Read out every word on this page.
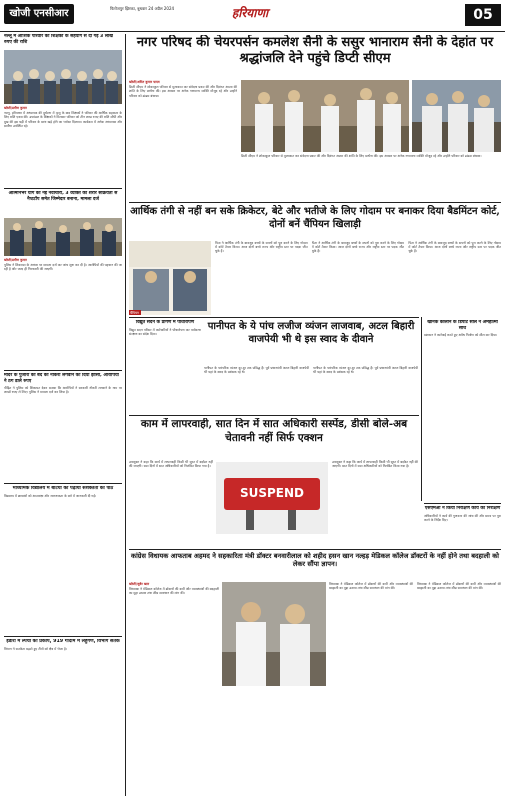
खोजी एनसीआर	फिरोजपुर झिरका, बुधवार 24 अप्रैल 2024	हरियाणा	05
नल्लू में आशिक परिवार को शिक्षकों के सहयोग से दी गई 3 लाख रुपए की राशि
खोजी/प्रवीण कुमार
नल्लू, हरियाणा में अध्यापक की दुर्घटना में मृत्यु के बाद शिक्षकों ने परिवार की आर्थिक सहायता के लिए राशि एकत्र की। उपमंडल के शिक्षकों ने मिलकर परिवार को तीन लाख रुपए की राशि सौंपी और दुख की इस घड़ी में परिवार के साथ खड़े होने का भरोसा दिलाया। कार्यक्रम में अनेक अध्यापक और ग्रामीण उपस्थित रहे।
आत्मनिर्भर योग की नई नवाचारी, 3 व्यक्ति की शरीर सक्रियता से नैप्टटॉप समेत जिम्मेदार बनाना, मामला दर्ज
खोजी/प्रवीण कुमार
पुलिस ने शिकायत के आधार पर मामला दर्ज कर जांच शुरू कर दी है। आरोपियों की पहचान की जा रही है और जल्द ही गिरफ्तारी की जाएगी।
मंदिर के पुजारी को बंदे को नौकरी लगवाने का दिया झांसा, आरोपियों ने ठग डाले रुपए
पीड़ित ने पुलिस को शिकायत देकर बताया कि आरोपियों ने सरकारी नौकरी लगवाने के नाम पर लाखों रुपए ले लिए। पुलिस ने मामला दर्ज कर लिया है।
माध्यमिक विद्यालय में बेटियों को पढ़ाया सशक्तता का पाठ
विद्यालय में छात्राओं को आत्मरक्षा और जागरूकता के बारे में जानकारी दी गई।
इंडोरी में ल्पचो का प्रकोप, 919 गोदाम में लहुगण, विभाग सतर्क
विभाग ने सतर्कता बढ़ाते हुए टीमों को क्षेत्र में भेजा है।
नगर परिषद की चेयरपर्सन कमलेश सैनी के ससुर भानाराम सैनी के देहांत पर श्रद्धांजलि देने पहुंचे डिप्टी सीएम
खोजी/अमित कुमार यादव
डिप्टी सीएम ने शोकाकुल परिवार से मुलाकात कर संवेदना प्रकट की और दिवंगत आत्मा की शांति के लिए प्रार्थना की। इस अवसर पर अनेक गणमान्य व्यक्ति मौजूद रहे और उन्होंने परिवार को ढांढस बंधाया।
डिप्टी सीएम ने शोकाकुल परिवार से मुलाकात कर संवेदना प्रकट की और दिवंगत आत्मा की शांति के लिए प्रार्थना की। इस अवसर पर अनेक गणमान्य व्यक्ति मौजूद रहे और उन्होंने परिवार को ढांढस बंधाया।
आर्थिक तंगी से नहीं बन सके क्रिकेटर, बेटे और भतीजे के लिए गोदाम पर बनाकर दिया बैडमिंटन कोर्ट, दोनों बनें चैंपियन खिलाड़ी
चैंपियन
पिता ने आर्थिक तंगी के बावजूद बच्चों के सपनों को पूरा करने के लिए गोदाम में कोर्ट तैयार किया। आज दोनों बच्चे राज्य और राष्ट्रीय स्तर पर पदक जीत चुके हैं।
पिता ने आर्थिक तंगी के बावजूद बच्चों के सपनों को पूरा करने के लिए गोदाम में कोर्ट तैयार किया। आज दोनों बच्चे राज्य और राष्ट्रीय स्तर पर पदक जीत चुके हैं।
पिता ने आर्थिक तंगी के बावजूद बच्चों के सपनों को पूरा करने के लिए गोदाम में कोर्ट तैयार किया। आज दोनों बच्चे राज्य और राष्ट्रीय स्तर पर पदक जीत चुके हैं।
विद्युत सदन के प्रांगण में पौधारोपण
विद्युत सदन परिसर में कर्मचारियों ने पौधारोपण कर पर्यावरण संरक्षण का संदेश दिया।
पानीपत के ये पांच लजीज व्यंजन लाजवाब, अटल बिहारी वाजपेयी भी थे इस स्वाद के दीवाने
पानीपत के पारंपरिक व्यंजन दूर-दूर तक प्रसिद्ध हैं। पूर्व प्रधानमंत्री अटल बिहारी वाजपेयी भी यहां के स्वाद के प्रशंसक रहे थे।
पानीपत के पारंपरिक व्यंजन दूर-दूर तक प्रसिद्ध हैं। पूर्व प्रधानमंत्री अटल बिहारी वाजपेयी भी यहां के स्वाद के प्रशंसक रहे थे।
खानक कालोन के डिपोर्ट सील न अमहात्मा साथ
प्रशासन ने कार्रवाई करते हुए अवैध निर्माण को सील कर दिया।
काम में लापरवाही, सात दिन में सात अधिकारी सस्पेंड, डीसी बोले-अब चेतावनी नहीं सिर्फ एक्शन
उपायुक्त ने कहा कि कार्य में लापरवाही किसी भी सूरत में बर्दाश्त नहीं की जाएगी। सात दिनों में सात अधिकारियों को निलंबित किया गया है।
SUSPEND
उपायुक्त ने कहा कि कार्य में लापरवाही किसी भी सूरत में बर्दाश्त नहीं की जाएगी। सात दिनों में सात अधिकारियों को निलंबित किया गया है।
एसएमओ ने किया निरीक्षण कार्य का निरीक्षण
अधिकारियों ने कार्य की गुणवत्ता की जांच की और समय पर पूरा करने के निर्देश दिए।
कांग्रेस विधायक आफताब अहमद ने सहकारिता मंत्री डॉक्टर बनवारीलाल को शहीद हसन खान नल्हड़ मेडिकल कॉलेज डॉक्टरों के नहीं होने तथा बदहाली को लेकर सौंपा ज्ञापन।
खोजी/जुबेर खान
विधायक ने मेडिकल कॉलेज में डॉक्टरों की कमी और व्यवस्थाओं की बदहाली का मुद्दा उठाया तथा शीघ्र समाधान की मांग की।
विधायक ने मेडिकल कॉलेज में डॉक्टरों की कमी और व्यवस्थाओं की बदहाली का मुद्दा उठाया तथा शीघ्र समाधान की मांग की।
विधायक ने मेडिकल कॉलेज में डॉक्टरों की कमी और व्यवस्थाओं की बदहाली का मुद्दा उठाया तथा शीघ्र समाधान की मांग की।
